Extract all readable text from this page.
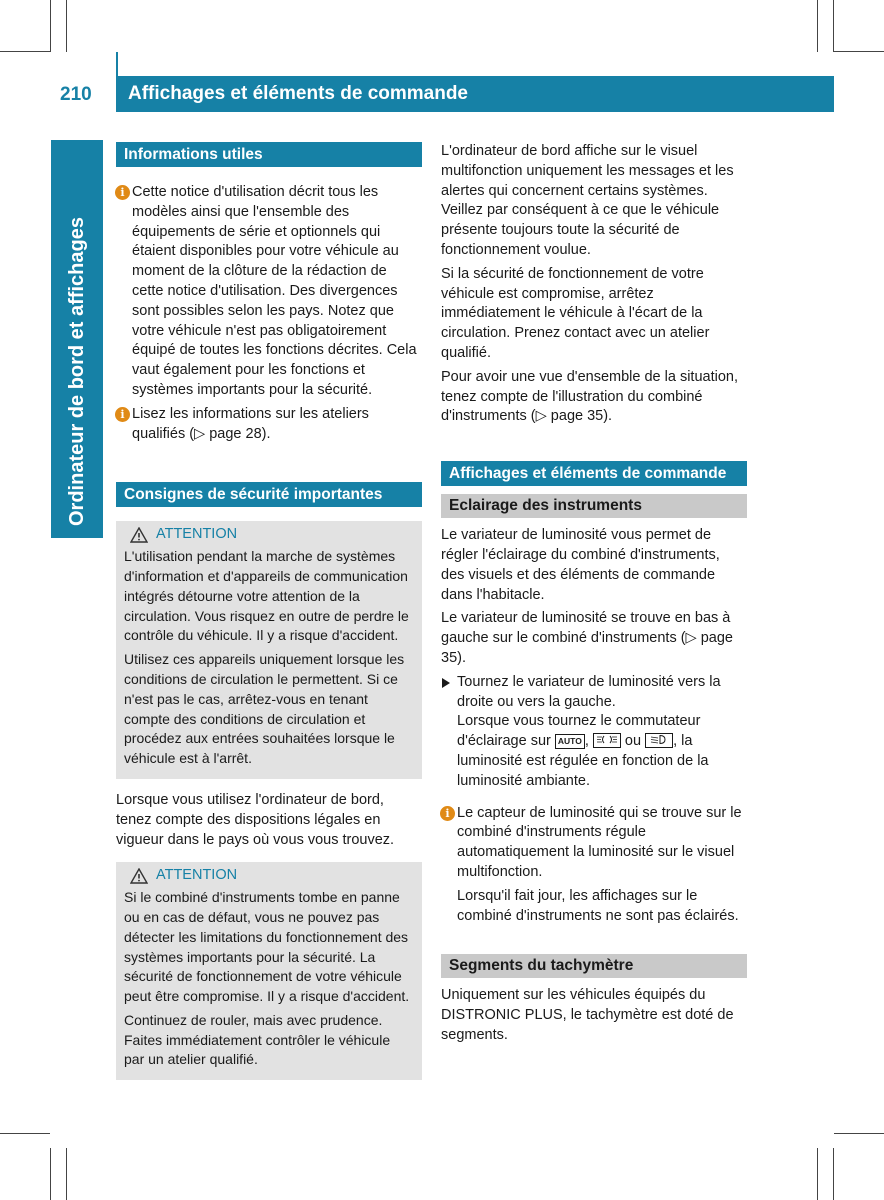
210 Affichages et éléments de commande
Ordinateur de bord et affichages
Informations utiles
i Cette notice d'utilisation décrit tous les modèles ainsi que l'ensemble des équipements de série et optionnels qui étaient disponibles pour votre véhicule au moment de la clôture de la rédaction de cette notice d'utilisation. Des divergences sont possibles selon les pays. Notez que votre véhicule n'est pas obligatoirement équipé de toutes les fonctions décrites. Cela vaut également pour les fonctions et systèmes importants pour la sécurité.
i Lisez les informations sur les ateliers qualifiés (▷ page 28).
Consignes de sécurité importantes
ATTENTION

L'utilisation pendant la marche de systèmes d'information et d'appareils de communication intégrés détourne votre attention de la circulation. Vous risquez en outre de perdre le contrôle du véhicule. Il y a risque d'accident.

Utilisez ces appareils uniquement lorsque les conditions de circulation le permettent. Si ce n'est pas le cas, arrêtez-vous en tenant compte des conditions de circulation et procédez aux entrées souhaitées lorsque le véhicule est à l'arrêt.

Lorsque vous utilisez l'ordinateur de bord, tenez compte des dispositions légales en vigueur dans le pays où vous vous trouvez.

ATTENTION

Si le combiné d'instruments tombe en panne ou en cas de défaut, vous ne pouvez pas détecter les limitations du fonctionnement des systèmes importants pour la sécurité. La sécurité de fonctionnement de votre véhicule peut être compromise. Il y a risque d'accident.

Continuez de rouler, mais avec prudence. Faites immédiatement contrôler le véhicule par un atelier qualifié.

L'ordinateur de bord affiche sur le visuel multifonction uniquement les messages et les alertes qui concernent certains systèmes. Veillez par conséquent à ce que le véhicule présente toujours toute la sécurité de fonctionnement voulue.

Si la sécurité de fonctionnement de votre véhicule est compromise, arrêtez immédiatement le véhicule à l'écart de la circulation. Prenez contact avec un atelier qualifié.

Pour avoir une vue d'ensemble de la situation, tenez compte de l'illustration du combiné d'instruments (▷ page 35).

Affichages et éléments de commande
Eclairage des instruments

Le variateur de luminosité vous permet de régler l'éclairage du combiné d'instruments, des visuels et des éléments de commande dans l'habitacle.

Le variateur de luminosité se trouve en bas à gauche sur le combiné d'instruments (▷ page 35).

Tournez le variateur de luminosité vers la droite ou vers la gauche.
Lorsque vous tournez le commutateur d'éclairage sur AUTO , ou , la luminosité est régulée en fonction de la luminosité ambiante.
i Le capteur de luminosité qui se trouve sur le combiné d'instruments régule automatiquement la luminosité sur le visuel multifonction.

Lorsqu'il fait jour, les affichages sur le combiné d'instruments ne sont pas éclairés.

Segments du tachymètre

Uniquement sur les véhicules équipés du DISTRONIC PLUS, le tachymètre est doté de segments.
